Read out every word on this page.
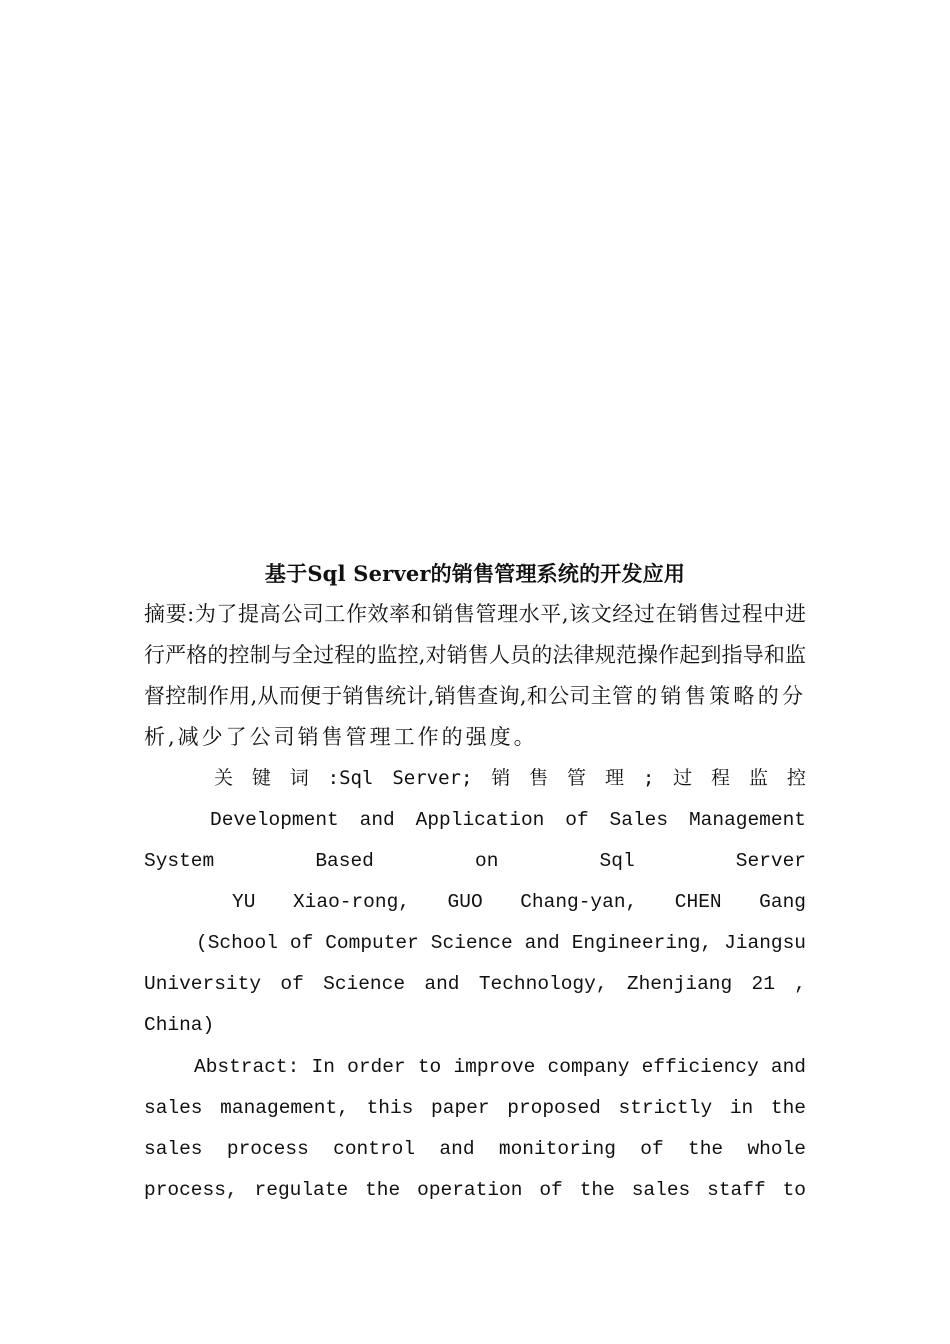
基于Sql Server的销售管理系统的开发应用
摘要:为了提高公司工作效率和销售管理水平,该文经过在销售过程中进行严格的控制与全过程的监控,对销售人员的法律规范操作起到指导和监督控制作用,从而便于销售统计,销售查询,和公司主管的销售策略的分析,减少了公司销售管理工作的强度。
关 键 词 :Sql Server; 销 售 管 理 ; 过 程 监 控
Development and Application of Sales Management System Based on Sql Server
YU Xiao-rong, GUO Chang-yan, CHEN Gang
(School of Computer Science and Engineering, Jiangsu University of Science and Technology, Zhenjiang 21 , China)
Abstract: In order to improve company efficiency and sales management, this paper proposed strictly in the sales process control and monitoring of the whole process, regulate the operation of the sales staff to
